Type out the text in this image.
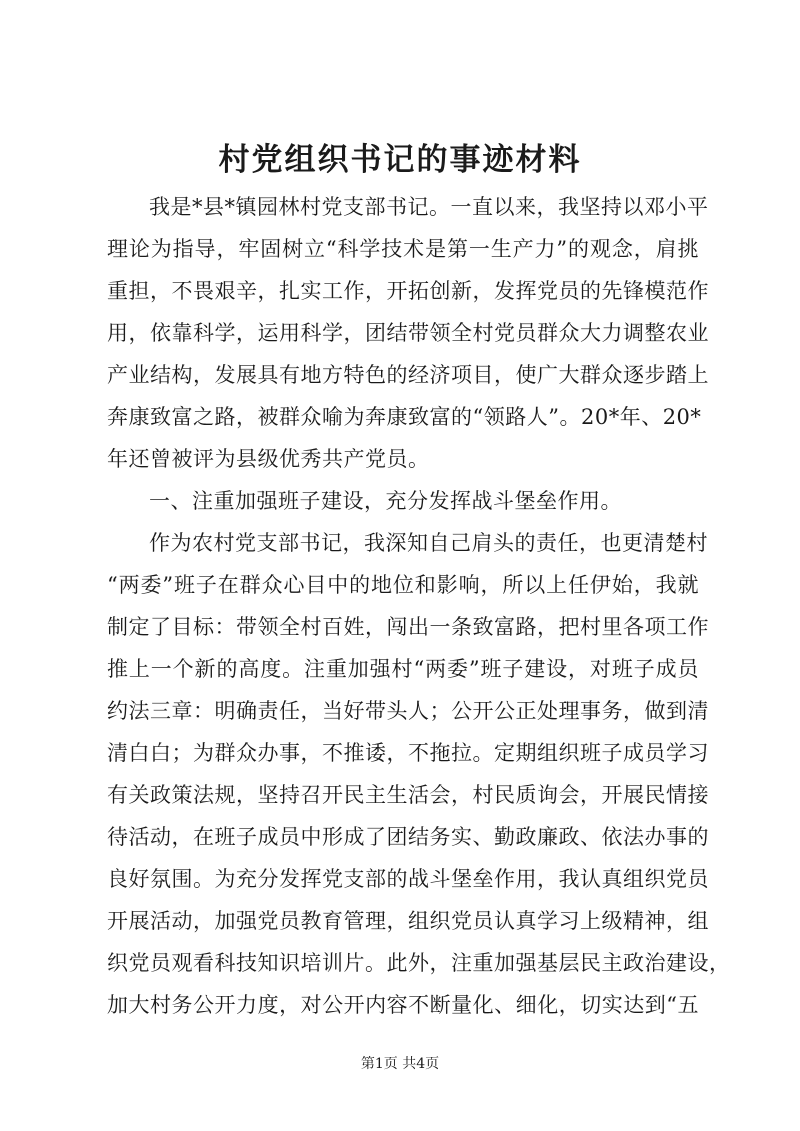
村党组织书记的事迹材料
我是*县*镇园林村党支部书记。一直以来，我坚持以邓小平
理论为指导，牢固树立“科学技术是第一生产力”的观念，肩挑
重担，不畏艰辛，扎实工作，开拓创新，发挥党员的先锋模范作
用，依靠科学，运用科学，团结带领全村党员群众大力调整农业
产业结构，发展具有地方特色的经济项目，使广大群众逐步踏上
奔康致富之路，被群众喻为奔康致富的“领路人”。20*年、20*
年还曾被评为县级优秀共产党员。
一、注重加强班子建设，充分发挥战斗堡垒作用。
作为农村党支部书记，我深知自己肩头的责任，也更清楚村
“两委”班子在群众心目中的地位和影响，所以上任伊始，我就
制定了目标：带领全村百姓，闯出一条致富路，把村里各项工作
推上一个新的高度。注重加强村“两委”班子建设，对班子成员
约法三章：明确责任，当好带头人；公开公正处理事务，做到清
清白白；为群众办事，不推诿，不拖拉。定期组织班子成员学习
有关政策法规，坚持召开民主生活会，村民质询会，开展民情接
待活动，在班子成员中形成了团结务实、勤政廉政、依法办事的
良好氛围。为充分发挥党支部的战斗堡垒作用，我认真组织党员
开展活动，加强党员教育管理，组织党员认真学习上级精神，组
织党员观看科技知识培训片。此外，注重加强基层民主政治建设，
加大村务公开力度，对公开内容不断量化、细化，切实达到“五
第1页 共4页
